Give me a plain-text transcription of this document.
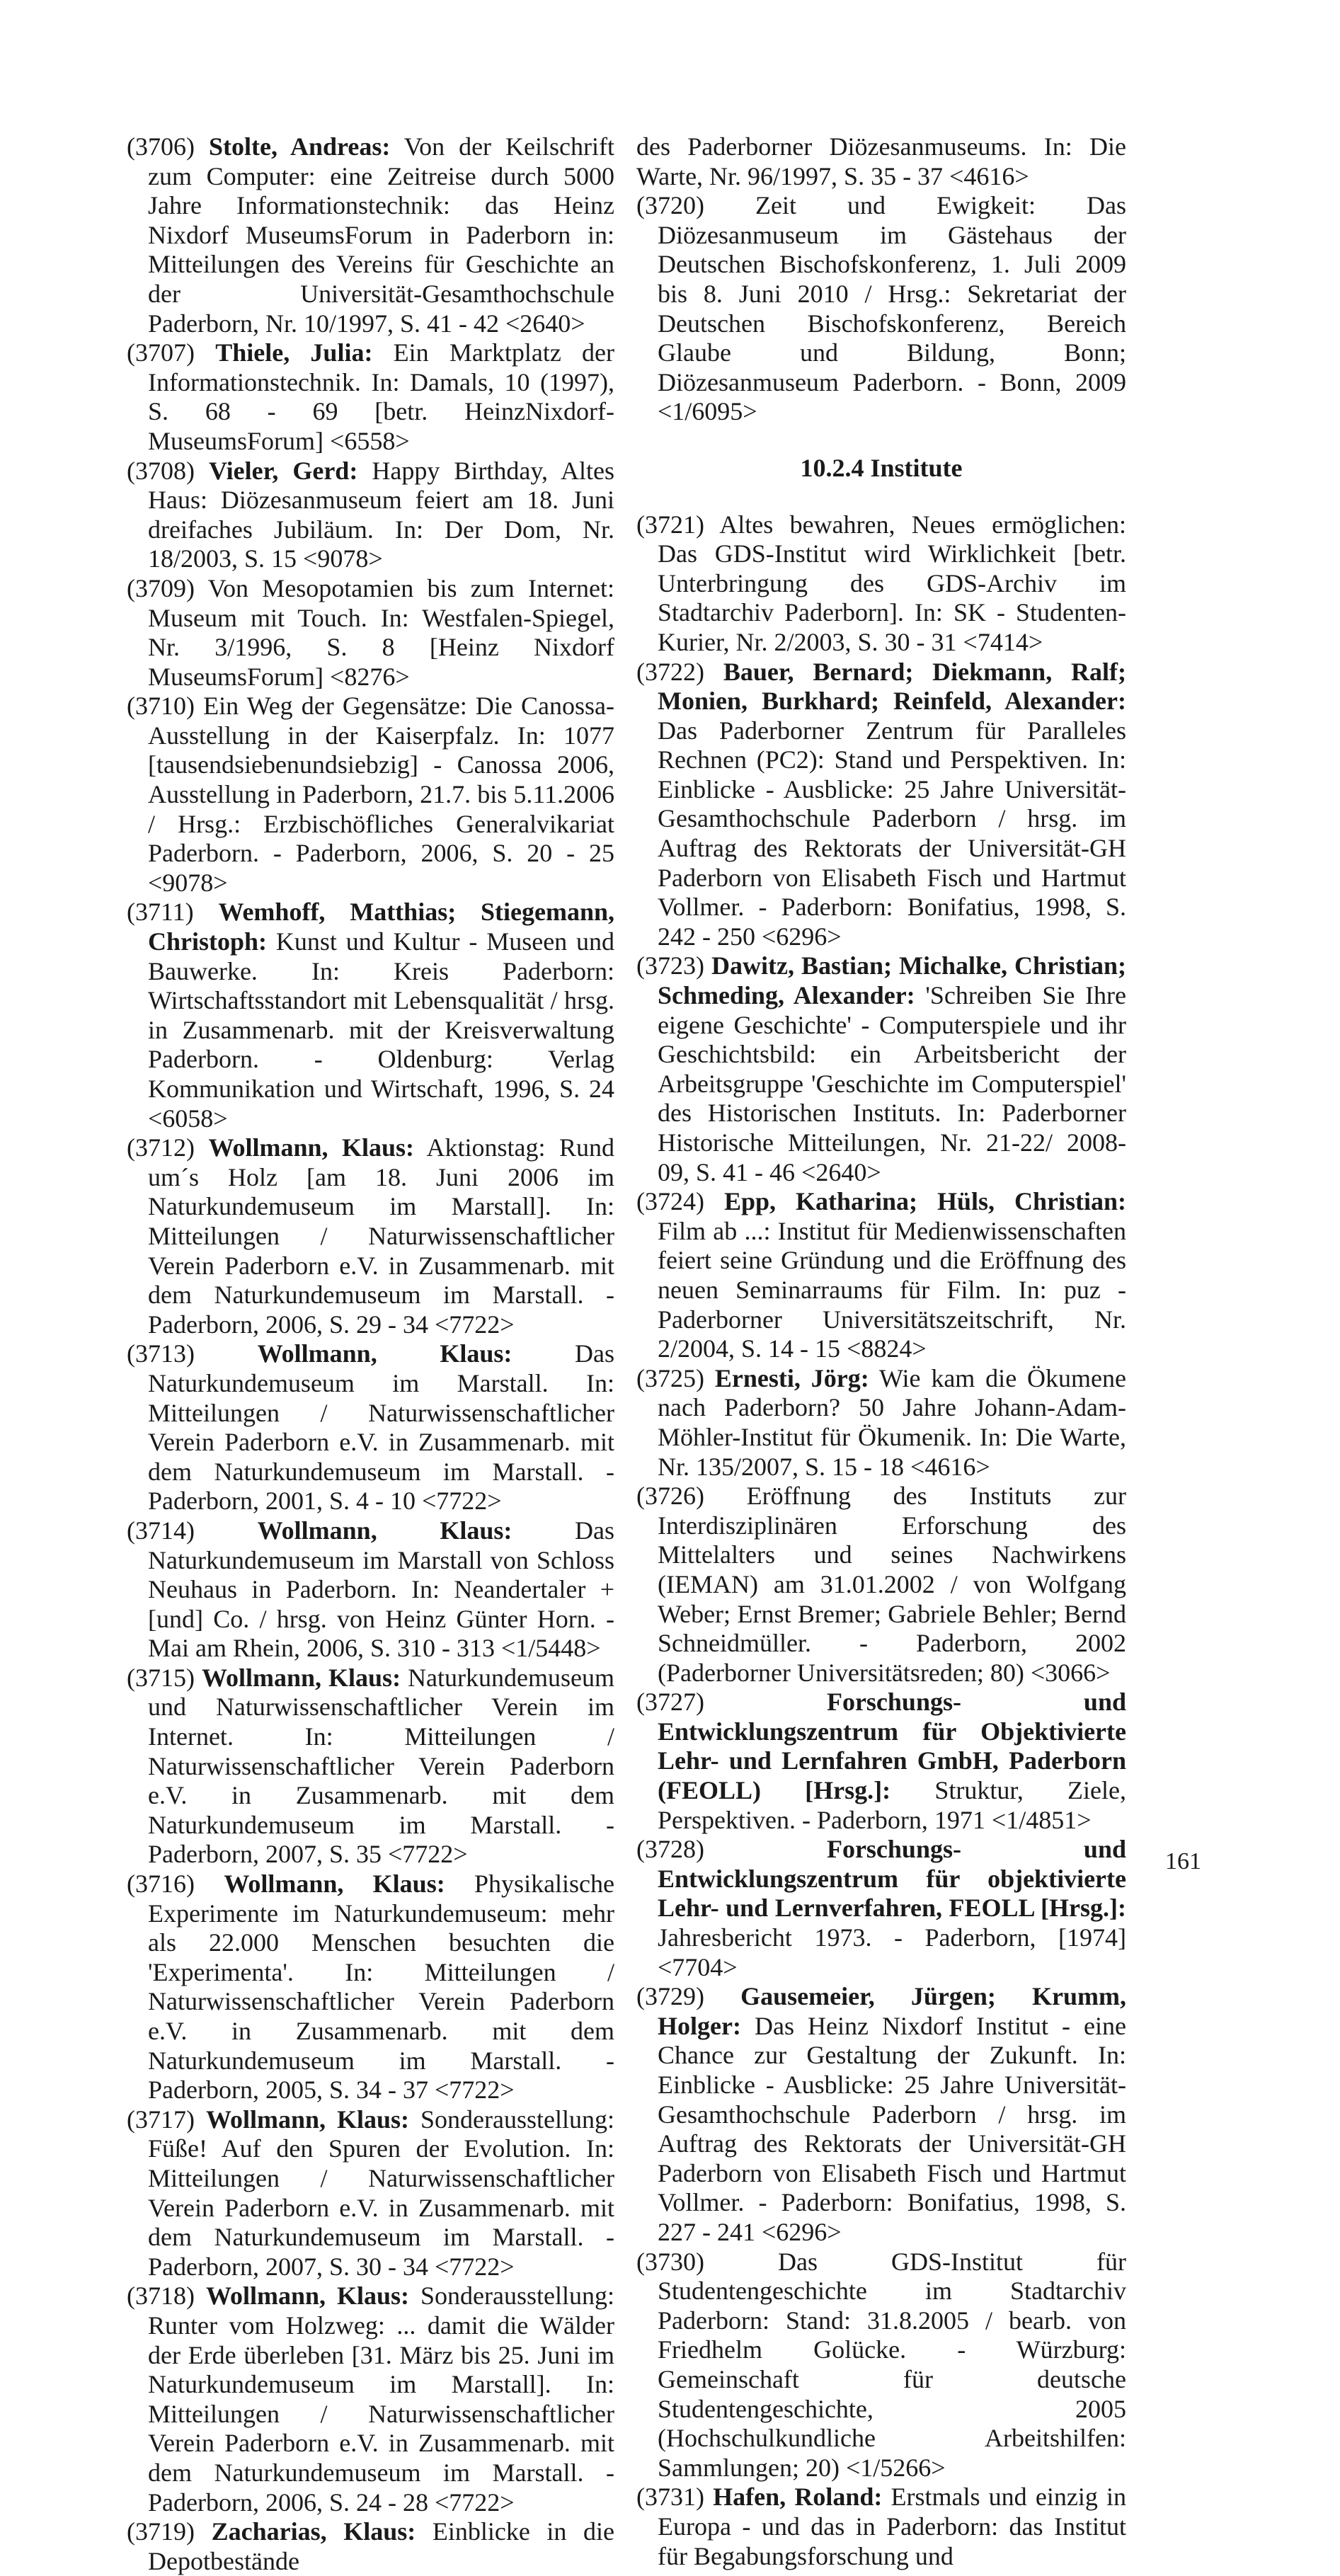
(3706) Stolte, Andreas: Von der Keilschrift zum Computer: eine Zeitreise durch 5000 Jahre Informationstechnik: das Heinz Nixdorf MuseumsForum in Paderborn in: Mitteilungen des Vereins für Geschichte an der Universität-Gesamthochschule Paderborn, Nr. 10/1997, S. 41 - 42 <2640>
(3707) Thiele, Julia: Ein Marktplatz der Informationstechnik. In: Damals, 10 (1997), S. 68 - 69 [betr. HeinzNixdorf-MuseumsForum] <6558>
(3708) Vieler, Gerd: Happy Birthday, Altes Haus: Diözesanmuseum feiert am 18. Juni dreifaches Jubiläum. In: Der Dom, Nr. 18/2003, S. 15 <9078>
(3709) Von Mesopotamien bis zum Internet: Museum mit Touch. In: Westfalen-Spiegel, Nr. 3/1996, S. 8 [Heinz Nixdorf MuseumsForum] <8276>
(3710) Ein Weg der Gegensätze: Die Canossa-Ausstellung in der Kaiserpfalz. In: 1077 [tausendsiebenundsiebzig] - Canossa 2006, Ausstellung in Paderborn, 21.7. bis 5.11.2006 / Hrsg.: Erzbischöfliches Generalvikariat Paderborn. - Paderborn, 2006, S. 20 - 25 <9078>
(3711) Wemhoff, Matthias; Stiegemann, Christoph: Kunst und Kultur - Museen und Bauwerke. In: Kreis Paderborn: Wirtschaftsstandort mit Lebensqualität / hrsg. in Zusammenarb. mit der Kreisverwaltung Paderborn. - Oldenburg: Verlag Kommunikation und Wirtschaft, 1996, S. 24 <6058>
(3712) Wollmann, Klaus: Aktionstag: Rund um´s Holz [am 18. Juni 2006 im Naturkundemuseum im Marstall]. In: Mitteilungen / Naturwissenschaftlicher Verein Paderborn e.V. in Zusammenarb. mit dem Naturkundemuseum im Marstall. - Paderborn, 2006, S. 29 - 34 <7722>
(3713) Wollmann, Klaus: Das Naturkundemuseum im Marstall. In: Mitteilungen / Naturwissenschaftlicher Verein Paderborn e.V. in Zusammenarb. mit dem Naturkundemuseum im Marstall. - Paderborn, 2001, S. 4 - 10 <7722>
(3714) Wollmann, Klaus: Das Naturkundemuseum im Marstall von Schloss Neuhaus in Paderborn. In: Neandertaler + [und] Co. / hrsg. von Heinz Günter Horn. - Mai am Rhein, 2006, S. 310 - 313 <1/5448>
(3715) Wollmann, Klaus: Naturkundemuseum und Naturwissenschaftlicher Verein im Internet. In: Mitteilungen / Naturwissenschaftlicher Verein Paderborn e.V. in Zusammenarb. mit dem Naturkundemuseum im Marstall. - Paderborn, 2007, S. 35 <7722>
(3716) Wollmann, Klaus: Physikalische Experimente im Naturkundemuseum: mehr als 22.000 Menschen besuchten die 'Experimenta'. In: Mitteilungen / Naturwissenschaftlicher Verein Paderborn e.V. in Zusammenarb. mit dem Naturkundemuseum im Marstall. - Paderborn, 2005, S. 34 - 37 <7722>
(3717) Wollmann, Klaus: Sonderausstellung: Füße! Auf den Spuren der Evolution. In: Mitteilungen / Naturwissenschaftlicher Verein Paderborn e.V. in Zusammenarb. mit dem Naturkundemuseum im Marstall. - Paderborn, 2007, S. 30 - 34 <7722>
(3718) Wollmann, Klaus: Sonderausstellung: Runter vom Holzweg: ... damit die Wälder der Erde überleben [31. März bis 25. Juni im Naturkundemuseum im Marstall]. In: Mitteilungen / Naturwissenschaftlicher Verein Paderborn e.V. in Zusammenarb. mit dem Naturkundemuseum im Marstall. - Paderborn, 2006, S. 24 - 28 <7722>
(3719) Zacharias, Klaus: Einblicke in die Depotbestände
des Paderborner Diözesanmuseums. In: Die Warte, Nr. 96/1997, S. 35 - 37 <4616>
(3720) Zeit und Ewigkeit: Das Diözesanmuseum im Gästehaus der Deutschen Bischofskonferenz, 1. Juli 2009 bis 8. Juni 2010 / Hrsg.: Sekretariat der Deutschen Bischofskonferenz, Bereich Glaube und Bildung, Bonn; Diözesanmuseum Paderborn. - Bonn, 2009 <1/6095>
10.2.4 Institute
(3721) Altes bewahren, Neues ermöglichen: Das GDS-Institut wird Wirklichkeit [betr. Unterbringung des GDS-Archiv im Stadtarchiv Paderborn]. In: SK - Studenten-Kurier, Nr. 2/2003, S. 30 - 31 <7414>
(3722) Bauer, Bernard; Diekmann, Ralf; Monien, Burkhard; Reinfeld, Alexander: Das Paderborner Zentrum für Paralleles Rechnen (PC2): Stand und Perspektiven. In: Einblicke - Ausblicke: 25 Jahre Universität-Gesamthochschule Paderborn / hrsg. im Auftrag des Rektorats der Universität-GH Paderborn von Elisabeth Fisch und Hartmut Vollmer. - Paderborn: Bonifatius, 1998, S. 242 - 250 <6296>
(3723) Dawitz, Bastian; Michalke, Christian; Schmeding, Alexander: 'Schreiben Sie Ihre eigene Geschichte' - Computerspiele und ihr Geschichtsbild: ein Arbeitsbericht der Arbeitsgruppe 'Geschichte im Computerspiel' des Historischen Instituts. In: Paderborner Historische Mitteilungen, Nr. 21-22/ 2008-09, S. 41 - 46 <2640>
(3724) Epp, Katharina; Hüls, Christian: Film ab ...: Institut für Medienwissenschaften feiert seine Gründung und die Eröffnung des neuen Seminarraums für Film. In: puz - Paderborner Universitätszeitschrift, Nr. 2/2004, S. 14 - 15 <8824>
(3725) Ernesti, Jörg: Wie kam die Ökumene nach Paderborn? 50 Jahre Johann-Adam-Möhler-Institut für Ökumenik. In: Die Warte, Nr. 135/2007, S. 15 - 18 <4616>
(3726) Eröffnung des Instituts zur Interdisziplinären Erforschung des Mittelalters und seines Nachwirkens (IEMAN) am 31.01.2002 / von Wolfgang Weber; Ernst Bremer; Gabriele Behler; Bernd Schneidmüller. - Paderborn, 2002 (Paderborner Universitätsreden; 80) <3066>
(3727)	Forschungs- und Entwicklungszentrum für Objektivierte Lehr- und Lernfahren GmbH, Paderborn (FEOLL) [Hrsg.]: Struktur, Ziele, Perspektiven. - Paderborn, 1971 <1/4851>
(3728)	Forschungs- und Entwicklungszentrum für objektivierte Lehr- und Lernverfahren, FEOLL [Hrsg.]: Jahresbericht 1973. - Paderborn, [1974] <7704>
(3729) Gausemeier, Jürgen; Krumm, Holger: Das Heinz Nixdorf Institut - eine Chance zur Gestaltung der Zukunft. In: Einblicke - Ausblicke: 25 Jahre Universität-Gesamthochschule Paderborn / hrsg. im Auftrag des Rektorats der Universität-GH Paderborn von Elisabeth Fisch und Hartmut Vollmer. - Paderborn: Bonifatius, 1998, S. 227 - 241 <6296>
(3730)	Das GDS-Institut für Studentengeschichte im Stadtarchiv Paderborn: Stand: 31.8.2005 / bearb. von Friedhelm Golücke. - Würzburg: Gemeinschaft für deutsche Studentengeschichte, 2005 (Hochschulkundliche Arbeitshilfen: Sammlungen; 20) <1/5266>
(3731) Hafen, Roland: Erstmals und einzig in Europa - und das in Paderborn: das Institut für Begabungsforschung und
161
